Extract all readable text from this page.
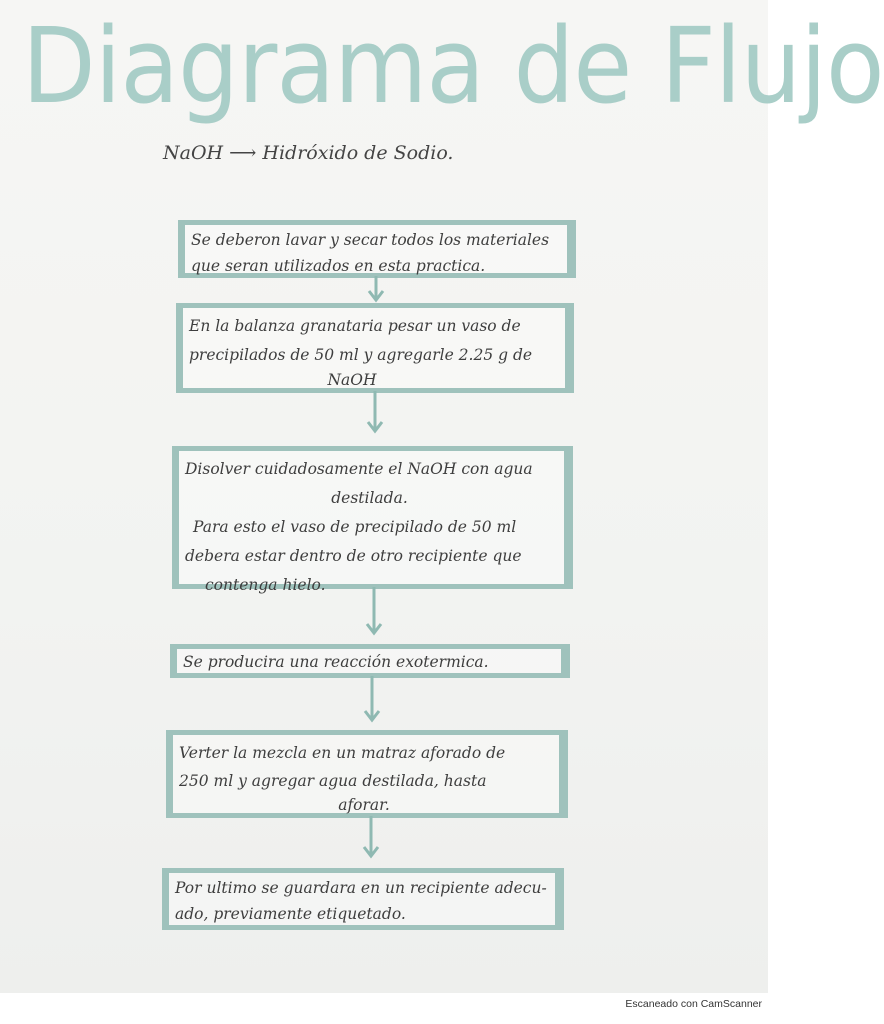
Diagrama de Flujo
NaOH ⟶ Hidróxido de Sodio.
Se deberon lavar y secar todos los materiales
que seran utilizados en esta practica.
En la balanza granataria pesar un vaso de
precipilados de 50 ml y agregarle 2.25 g de
NaOH
Disolver cuidadosamente el NaOH con agua
destilada.
Para esto el vaso de precipilado de 50 ml
debera estar dentro de otro recipiente que
contenga hielo.
Se producira una reacción exotermica.
Verter la mezcla en un matraz aforado de
250 ml y agregar agua destilada, hasta
aforar.
Por ultimo se guardara en un recipiente adecu-
ado, previamente etiquetado.
Escaneado con CamScanner
